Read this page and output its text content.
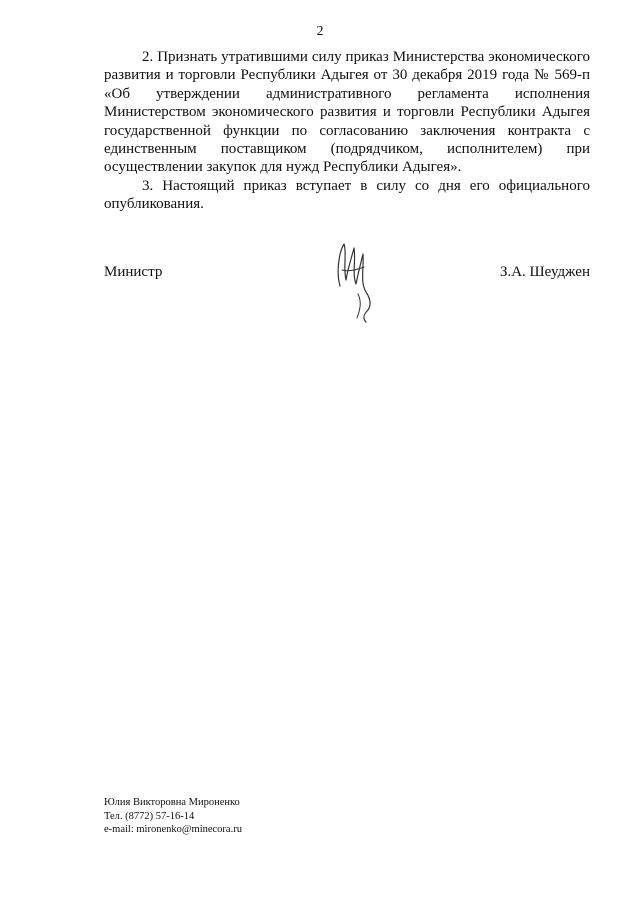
2

2. Признать утратившими силу приказ Министерства экономического развития и торговли Республики Адыгея от 30 декабря 2019 года № 569-п «Об утверждении административного регламента исполнения Министерством экономического развития и торговли Республики Адыгея государственной функции по согласованию заключения контракта с единственным поставщиком (подрядчиком, исполнителем) при осуществлении закупок для нужд Республики Адыгея».

3. Настоящий приказ вступает в силу со дня его официального опубликования.

Министр	З.А. Шеуджен
Юлия Викторовна Мироненко
Тел. (8772) 57-16-14
e-mail: mironenko@minecora.ru
